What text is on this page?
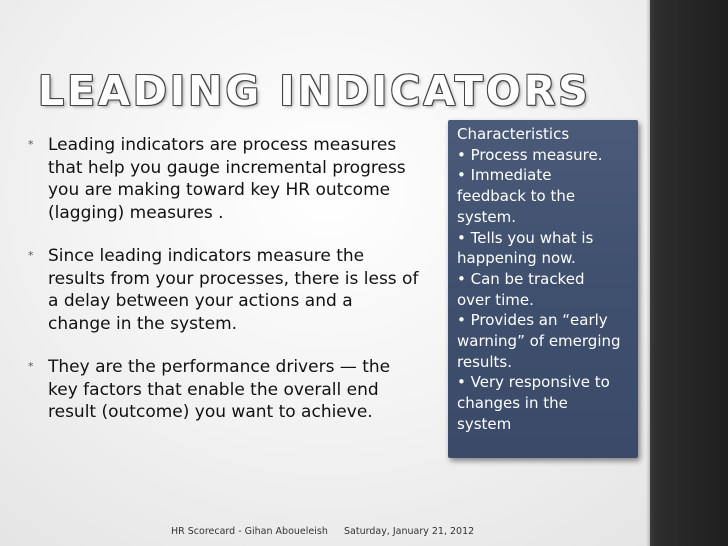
LEADING INDICATORS
* Leading indicators are process measures
that help you gauge incremental progress
you are making toward key HR outcome
(lagging) measures .
* Since leading indicators measure the
results from your processes, there is less of
a delay between your actions and a
change in the system.
* They are the performance drivers — the
key factors that enable the overall end
result (outcome) you want to achieve.
Characteristics
• Process measure.
• Immediate
feedback to the
system.
• Tells you what is
happening now.
• Can be tracked
over time.
• Provides an “early
warning” of emerging
results.
• Very responsive to
changes in the
system
HR Scorecard - Gihan Aboueleish Saturday, January 21, 2012
